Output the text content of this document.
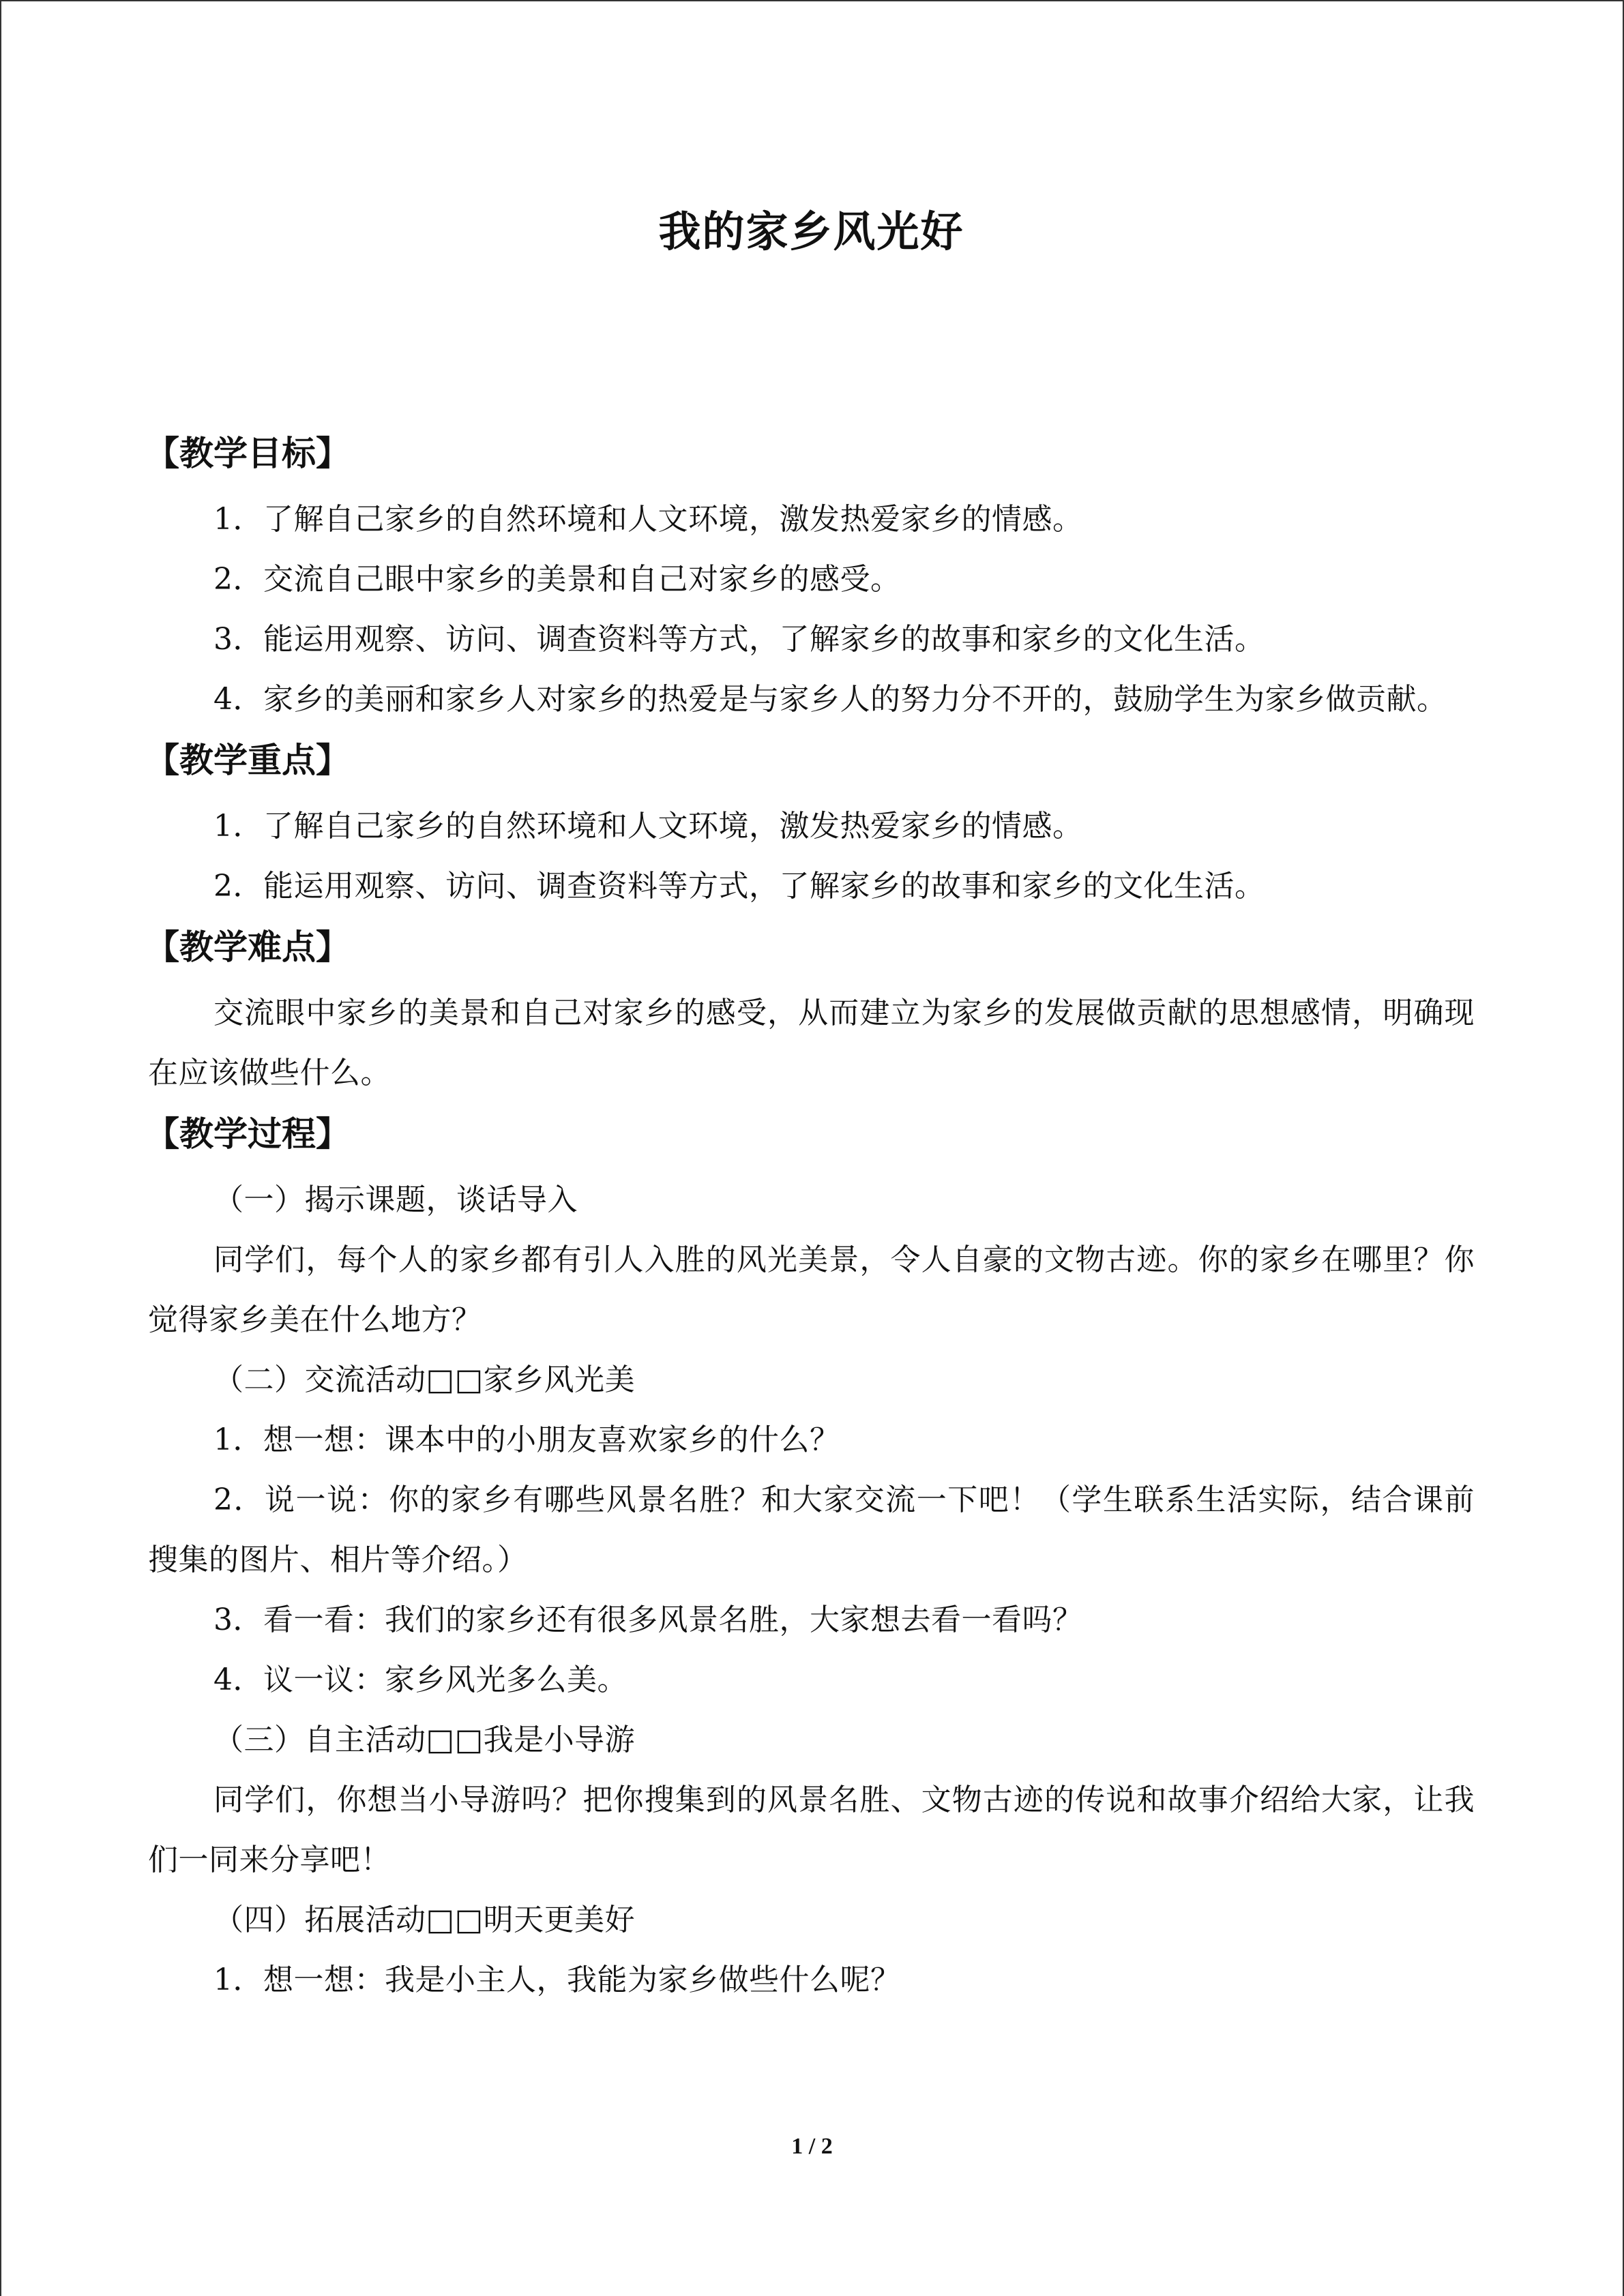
我的家乡风光好
【教学目标】

1．了解自己家乡的自然环境和人文环境，激发热爱家乡的情感。

2．交流自己眼中家乡的美景和自己对家乡的感受。

3．能运用观察、访问、调查资料等方式，了解家乡的故事和家乡的文化生活。

4．家乡的美丽和家乡人对家乡的热爱是与家乡人的努力分不开的，鼓励学生为家乡做贡献。

【教学重点】

1．了解自己家乡的自然环境和人文环境，激发热爱家乡的情感。

2．能运用观察、访问、调查资料等方式，了解家乡的故事和家乡的文化生活。

【教学难点】

交流眼中家乡的美景和自己对家乡的感受，从而建立为家乡的发展做贡献的思想感情，明确现在应该做些什么。

【教学过程】

（一）揭示课题，谈话导入

同学们，每个人的家乡都有引人入胜的风光美景，令人自豪的文物古迹。你的家乡在哪里？你觉得家乡美在什么地方？

（二）交流活动□□家乡风光美

1．想一想：课本中的小朋友喜欢家乡的什么？

2．说一说：你的家乡有哪些风景名胜？和大家交流一下吧！（学生联系生活实际，结合课前搜集的图片、相片等介绍。）

3．看一看：我们的家乡还有很多风景名胜，大家想去看一看吗？

4．议一议：家乡风光多么美。

（三）自主活动□□我是小导游

同学们，你想当小导游吗？把你搜集到的风景名胜、文物古迹的传说和故事介绍给大家，让我们一同来分享吧！

（四）拓展活动□□明天更美好

1．想一想：我是小主人，我能为家乡做些什么呢？

1 / 2
